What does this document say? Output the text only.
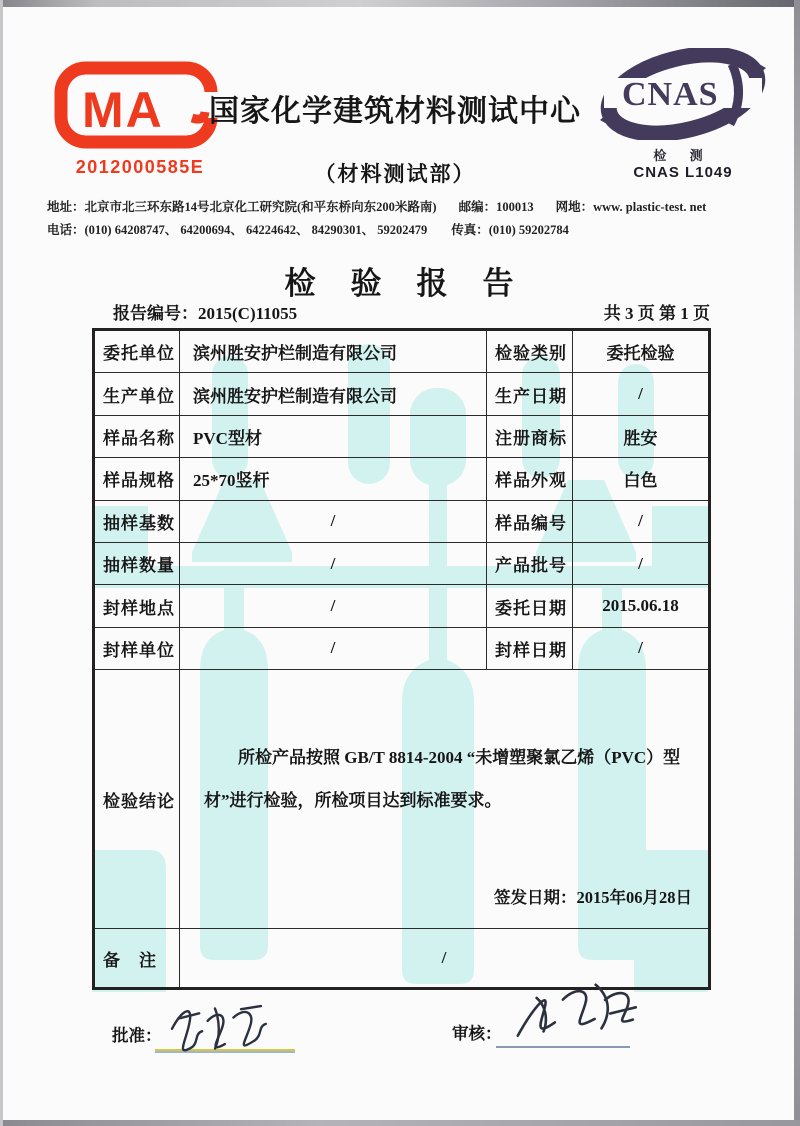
MA
2012000585E
国家化学建筑材料测试中心
（材料测试部）
CNAS
检 测
CNAS L1049
地址：北京市北三环东路14号北京化工研究院(和平东桥向东200米路南) 邮编：100013 网地：www. plastic-test. net
电话：(010) 64208747、 64200694、 64224642、 84290301、 59202479 传真：(010) 59202784
检　验　报　告
报告编号：2015(C)11055	共 3 页 第 1 页
委托单位	滨州胜安护栏制造有限公司	检验类别	委托检验
生产单位	滨州胜安护栏制造有限公司	生产日期	/
样品名称	PVC型材	注册商标	胜安
样品规格	25*70竖杆	样品外观	白色
抽样基数	/	样品编号	/
抽样数量	/	产品批号	/
封样地点	/	委托日期	2015.06.18
封样单位	/	封样日期	/
检验结论	所检产品按照 GB/T 8814-2004 “未增塑聚氯乙烯（PVC）型材”进行检验，所检项目达到标准要求。
签发日期：2015年06月28日		

备　注	/		
批准：	审核：
